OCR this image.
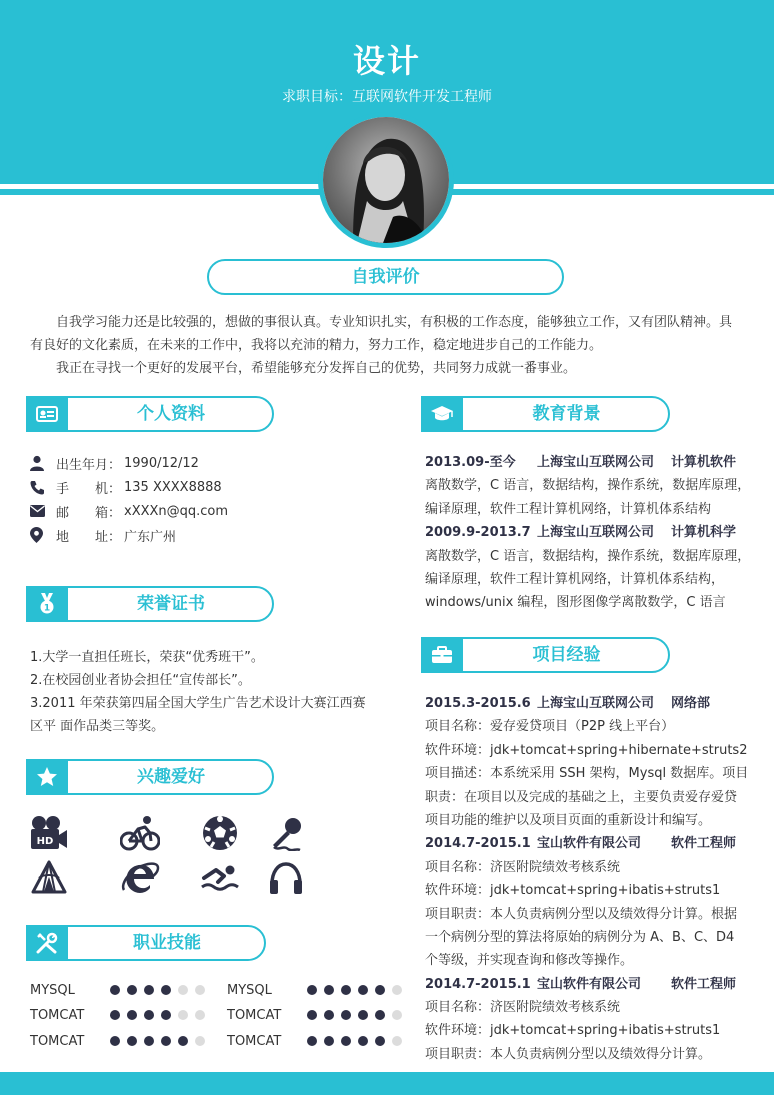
设计
求职目标：互联网软件开发工程师
自我评价

自我学习能力还是比较强的，想做的事很认真。专业知识扎实，有积极的工作态度，能够独立工作，又有团队精神。具有良好的文化素质，在未来的工作中，我将以充沛的精力，努力工作，稳定地进步自己的工作能力。

我正在寻找一个更好的发展平台，希望能够充分发挥自己的优势，共同努力成就一番事业。

个人资料
出生年月： 1990/12/12
手　　机： 135 XXXX8888
邮　　箱： xXXXn@qq.com
地　　址： 广东广州
1	荣誉证书
1.大学一直担任班长，荣获“优秀班干”。
2.在校园创业者协会担任“宣传部长”。
3.2011 年荣获第四届全国大学生广告艺术设计大赛江西赛区平 面作品类三等奖。
兴趣爱好
HD
职业技能
MYSQL
TOMCAT
TOMCAT
MYSQL
TOMCAT
TOMCAT
教育背景
2013.09-至今 上海宝山互联网公司 计算机软件
离散数学，C 语言，数据结构，操作系统，数据库原理，
编译原理，软件工程计算机网络，计算机体系结构
2009.9-2013.7 上海宝山互联网公司 计算机科学
离散数学，C 语言，数据结构，操作系统，数据库原理，
编译原理，软件工程计算机网络，计算机体系结构，
windows/unix 编程，图形图像学离散数学，C 语言
项目经验
2015.3-2015.6 上海宝山互联网公司 网络部
项目名称：爱存爱贷项目（P2P 线上平台）
软件环境：jdk+tomcat+spring+hibernate+struts2
项目描述：本系统采用 SSH 架构，Mysql 数据库。项目
职责：在项目以及完成的基础之上，主要负责爱存爱贷
项目功能的维护以及项目页面的重新设计和编写。
2014.7-2015.1 宝山软件有限公司 软件工程师
项目名称：济医附院绩效考核系统
软件环境：jdk+tomcat+spring+ibatis+struts1
项目职责：本人负责病例分型以及绩效得分计算。根据
一个病例分型的算法将原始的病例分为 A、B、C、D4
个等级，并实现查询和修改等操作。
2014.7-2015.1 宝山软件有限公司 软件工程师
项目名称：济医附院绩效考核系统
软件环境：jdk+tomcat+spring+ibatis+struts1
项目职责：本人负责病例分型以及绩效得分计算。
